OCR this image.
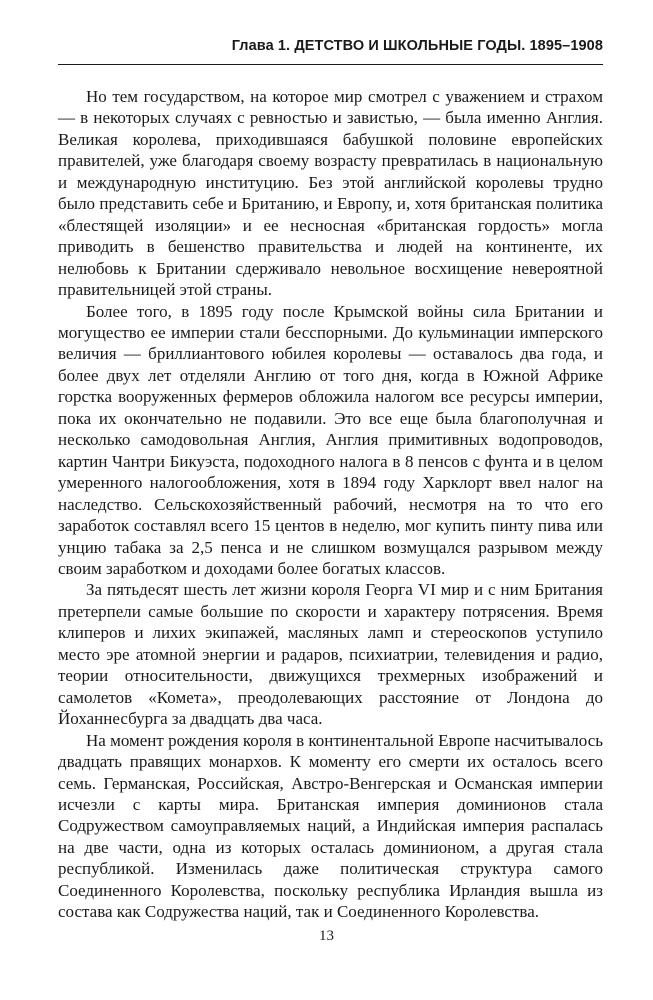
Глава 1. ДЕТСТВО И ШКОЛЬНЫЕ ГОДЫ. 1895–1908

Но тем государством, на которое мир смотрел с уважением и страхом — в некоторых случаях с ревностью и завистью, — была именно Англия. Великая королева, приходившаяся бабушкой половине европейских правителей, уже благодаря своему возрасту превратилась в национальную и международную институцию. Без этой английской королевы трудно было представить себе и Британию, и Европу, и, хотя британская политика «блестящей изоляции» и ее несносная «британская гордость» могла приводить в бешенство правительства и людей на континенте, их нелюбовь к Британии сдерживало невольное восхищение невероятной правительницей этой страны.

Более того, в 1895 году после Крымской войны сила Британии и могущество ее империи стали бесспорными. До кульминации имперского величия — бриллиантового юбилея королевы — оставалось два года, и более двух лет отделяли Англию от того дня, когда в Южной Африке горстка вооруженных фермеров обложила налогом все ресурсы империи, пока их окончательно не подавили. Это все еще была благополучная и несколько самодовольная Англия, Англия примитивных водопроводов, картин Чантри Бикуэста, подоходного налога в 8 пенсов с фунта и в целом умеренного налогообложения, хотя в 1894 году Харклорт ввел налог на наследство. Сельскохозяйственный рабочий, несмотря на то что его заработок составлял всего 15 центов в неделю, мог купить пинту пива или унцию табака за 2,5 пенса и не слишком возмущался разрывом между своим заработком и доходами более богатых классов.

За пятьдесят шесть лет жизни короля Георга VI мир и с ним Британия претерпели самые большие по скорости и характеру потрясения. Время клиперов и лихих экипажей, масляных ламп и стереоскопов уступило место эре атомной энергии и радаров, психиатрии, телевидения и радио, теории относительности, движущихся трехмерных изображений и самолетов «Комета», преодолевающих расстояние от Лондона до Йоханнесбурга за двадцать два часа.

На момент рождения короля в континентальной Европе насчитывалось двадцать правящих монархов. К моменту его смерти их осталось всего семь. Германская, Российская, Австро-Венгерская и Османская империи исчезли с карты мира. Британская империя доминионов стала Содружеством самоуправляемых наций, а Индийская империя распалась на две части, одна из которых осталась доминионом, а другая стала республикой. Изменилась даже политическая структура самого Соединенного Королевства, поскольку республика Ирландия вышла из состава как Содружества наций, так и Соединенного Королевства.

13
